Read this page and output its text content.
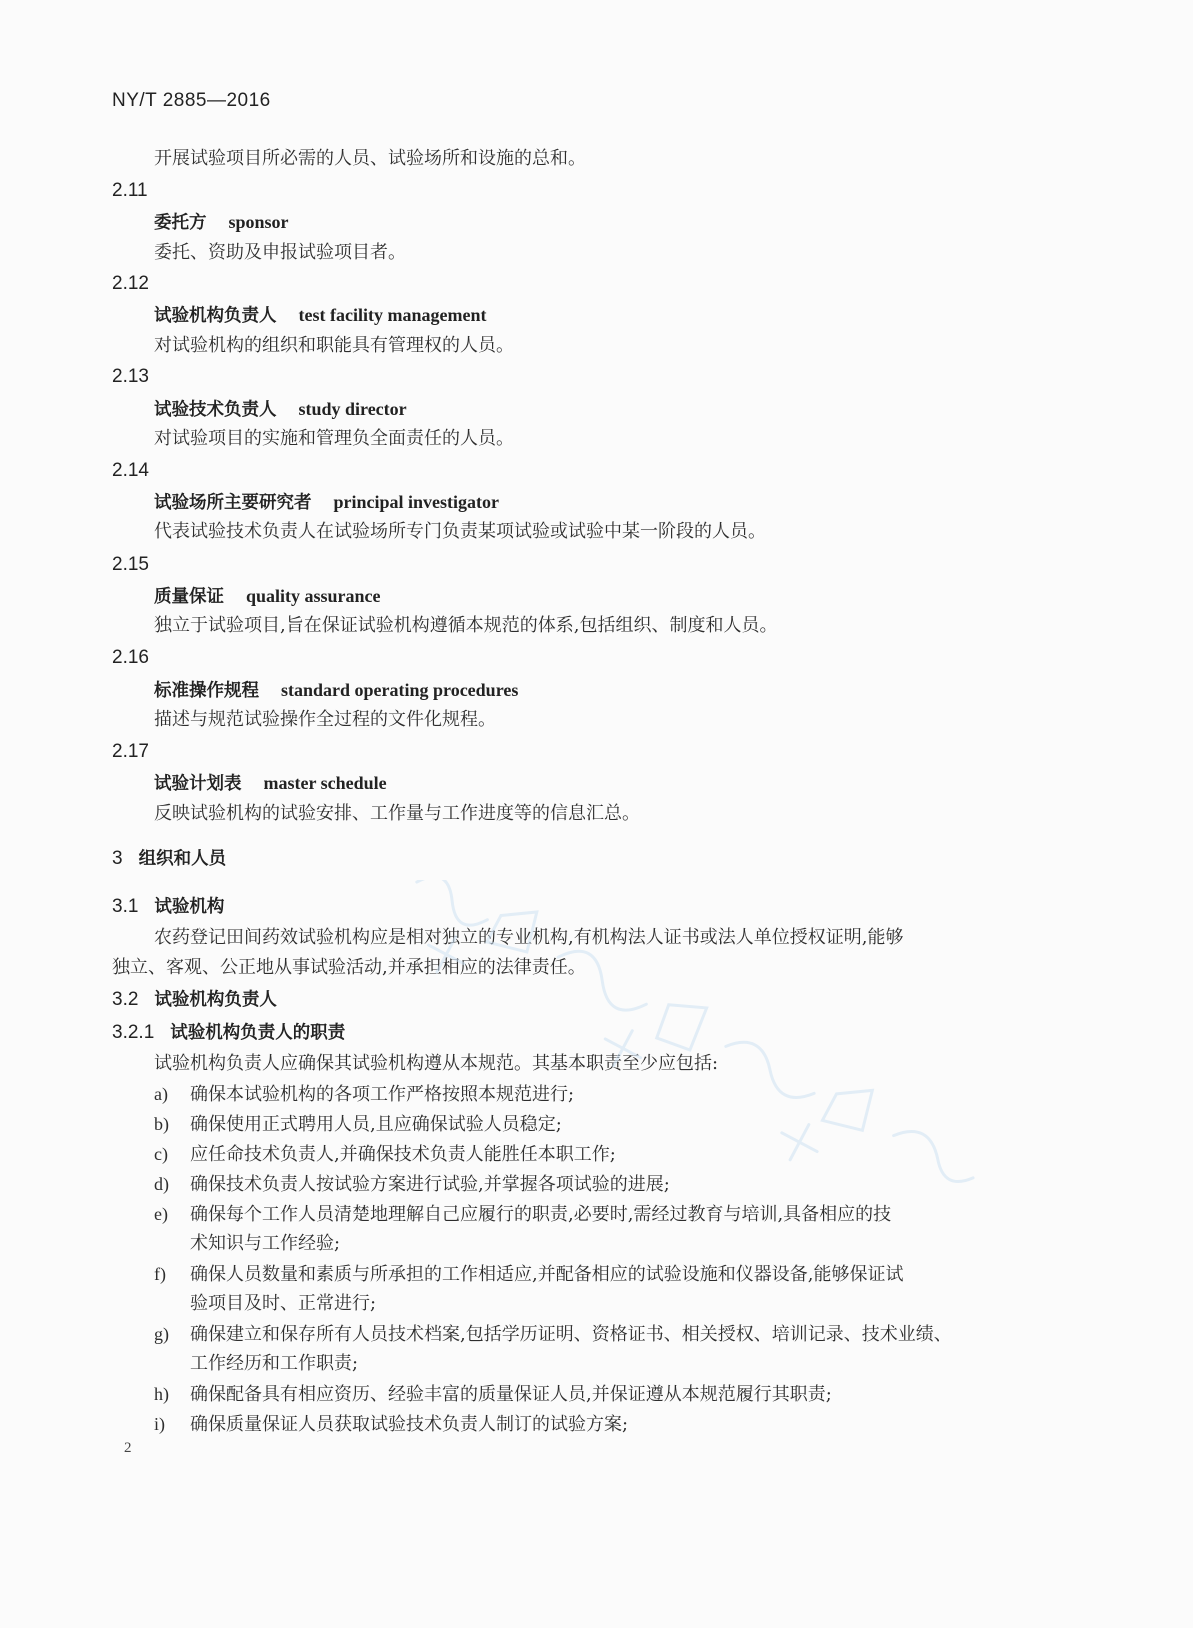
NY/T 2885—2016
开展试验项目所必需的人员、试验场所和设施的总和。
2.11
委托方 sponsor
委托、资助及申报试验项目者。
2.12
试验机构负责人 test facility management
对试验机构的组织和职能具有管理权的人员。
2.13
试验技术负责人 study director
对试验项目的实施和管理负全面责任的人员。
2.14
试验场所主要研究者 principal investigator
代表试验技术负责人在试验场所专门负责某项试验或试验中某一阶段的人员。
2.15
质量保证 quality assurance
独立于试验项目,旨在保证试验机构遵循本规范的体系,包括组织、制度和人员。
2.16
标准操作规程 standard operating procedures
描述与规范试验操作全过程的文件化规程。
2.17
试验计划表 master schedule
反映试验机构的试验安排、工作量与工作进度等的信息汇总。
3 组织和人员
3.1 试验机构
农药登记田间药效试验机构应是相对独立的专业机构,有机构法人证书或法人单位授权证明,能够
独立、客观、公正地从事试验活动,并承担相应的法律责任。
3.2 试验机构负责人
3.2.1 试验机构负责人的职责
试验机构负责人应确保其试验机构遵从本规范。其基本职责至少应包括:
a) 确保本试验机构的各项工作严格按照本规范进行;
b) 确保使用正式聘用人员,且应确保试验人员稳定;
c) 应任命技术负责人,并确保技术负责人能胜任本职工作;
d) 确保技术负责人按试验方案进行试验,并掌握各项试验的进展;
e) 确保每个工作人员清楚地理解自己应履行的职责,必要时,需经过教育与培训,具备相应的技
术知识与工作经验;
f) 确保人员数量和素质与所承担的工作相适应,并配备相应的试验设施和仪器设备,能够保证试
验项目及时、正常进行;
g) 确保建立和保存所有人员技术档案,包括学历证明、资格证书、相关授权、培训记录、技术业绩、
工作经历和工作职责;
h) 确保配备具有相应资历、经验丰富的质量保证人员,并保证遵从本规范履行其职责;
i) 确保质量保证人员获取试验技术负责人制订的试验方案;
2
